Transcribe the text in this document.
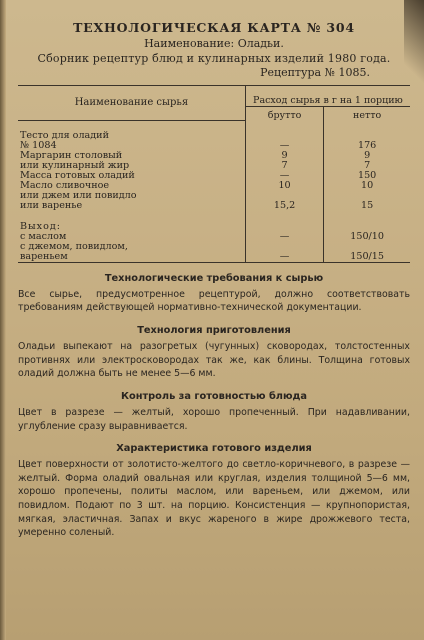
ТЕХНОЛОГИЧЕСКАЯ КАРТА № 304
Наименование: Оладьи.
Сборник рецептур блюд и кулинарных изделий 1980 года.
Рецептура № 1085.
Наименование сырья	Расход сырья в г на 1 порцию	
	брутто	нетто

Тесто для оладий		
№ 1084	—	176
Маргарин столовый	9	9
или кулинарный жир	7	7
Масса готовых оладий	—	150
Масло сливочное	10	10
или джем или повидло		
или варенье	15,2	15

Выход:		
с маслом	—	150/10
с джемом, повидлом,		
вареньем	—	150/15
Технологические требования к сырью

Все сырье, предусмотренное рецептурой, должно соответствовать требованиям действующей нормативно-технической документации.

Технология приготовления

Оладьи выпекают на разогретых (чугунных) сковородах, толстостенных противнях или электросковородах так же, как блины. Толщина готовых оладий должна быть не менее 5—6 мм.

Контроль за готовностью блюда

Цвет в разрезе — желтый, хорошо пропеченный. При надавливании, углубление сразу выравнивается.

Характеристика готового изделия

Цвет поверхности от золотисто-желтого до светло-коричневого, в разрезе — желтый. Форма оладий овальная или круглая, изделия толщиной 5—6 мм, хорошо пропечены, политы маслом, или вареньем, или джемом, или повидлом. Подают по 3 шт. на порцию. Консистенция — крупнопористая, мягкая, эластичная. Запах и вкус жареного в жире дрожжевого теста, умеренно соленый.
